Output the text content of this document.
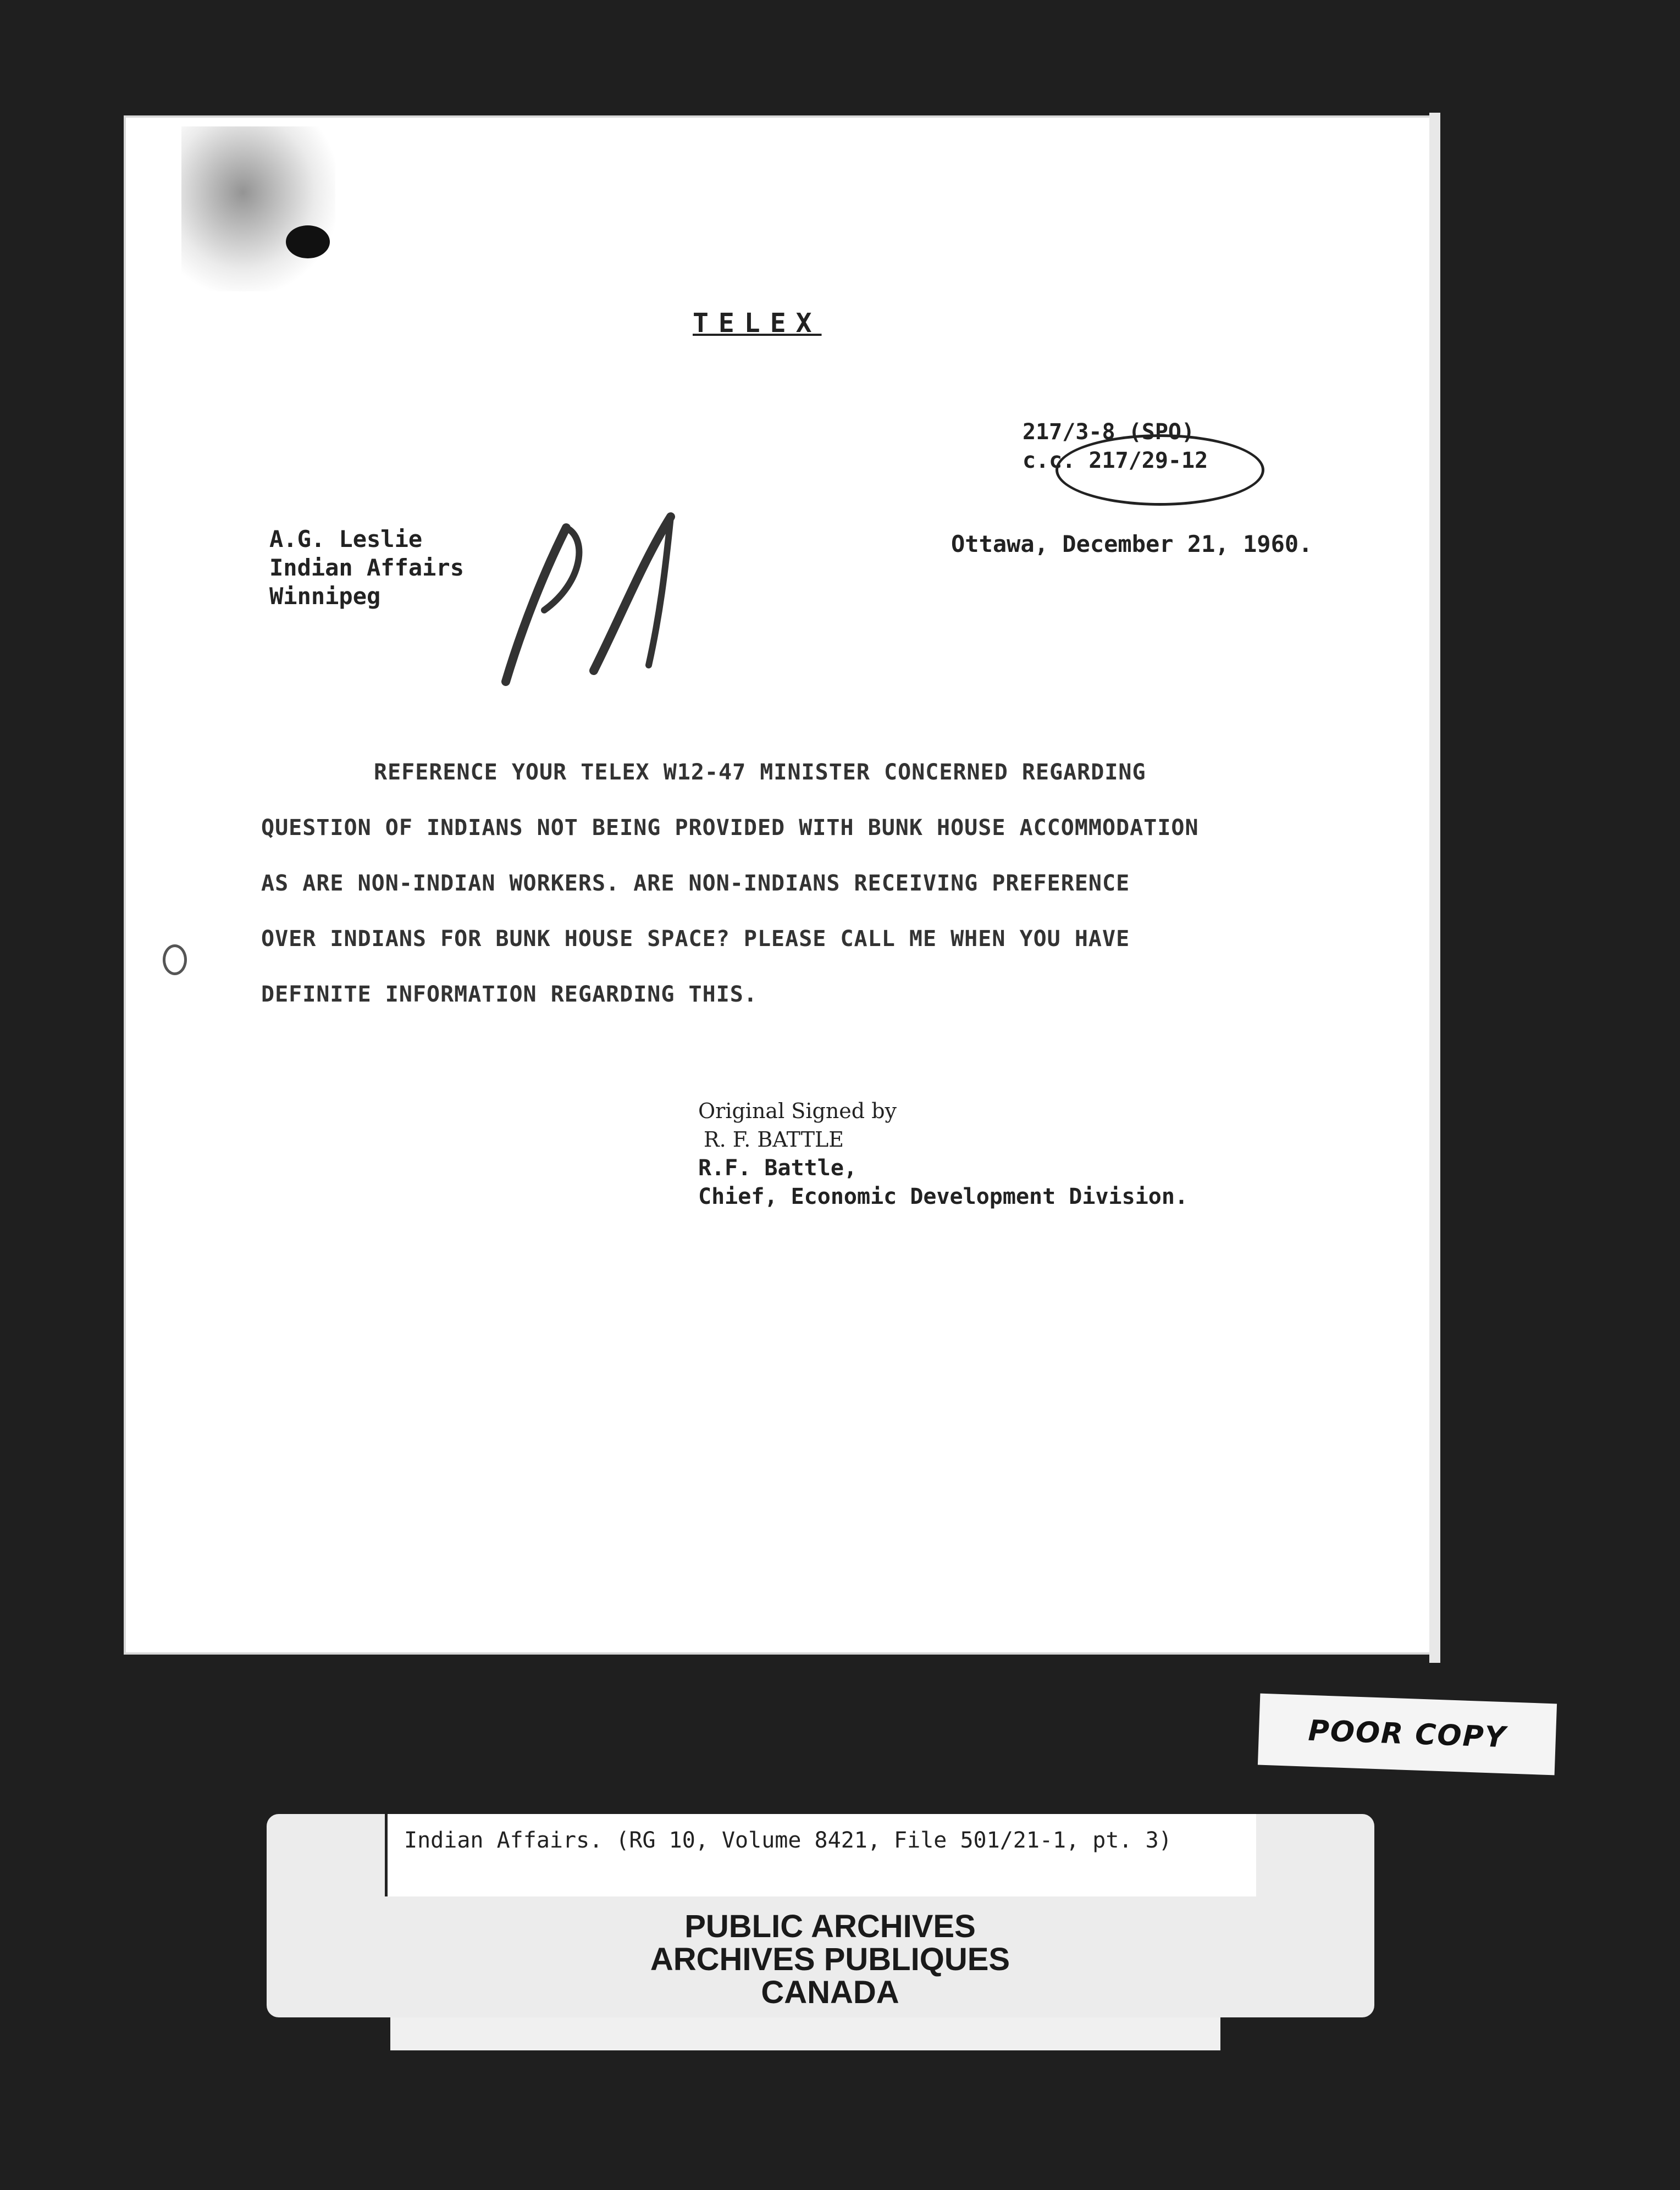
TELEX
217/3-8 (SPO)
c.c. 217/29-12
A.G. Leslie
Indian Affairs
Winnipeg
Ottawa, December 21, 1960.
REFERENCE YOUR TELEX W12-47 MINISTER CONCERNED REGARDING
QUESTION OF INDIANS NOT BEING PROVIDED WITH BUNK HOUSE ACCOMMODATION
AS ARE NON-INDIAN WORKERS. ARE NON-INDIANS RECEIVING PREFERENCE
OVER INDIANS FOR BUNK HOUSE SPACE? PLEASE CALL ME WHEN YOU HAVE
DEFINITE INFORMATION REGARDING THIS.
Original Signed by
R. F. BATTLE
R.F. Battle,
Chief, Economic Development Division.
POOR COPY
Indian Affairs. (RG 10, Volume 8421, File 501/21-1, pt. 3)
PUBLIC ARCHIVES
ARCHIVES PUBLIQUES
CANADA
